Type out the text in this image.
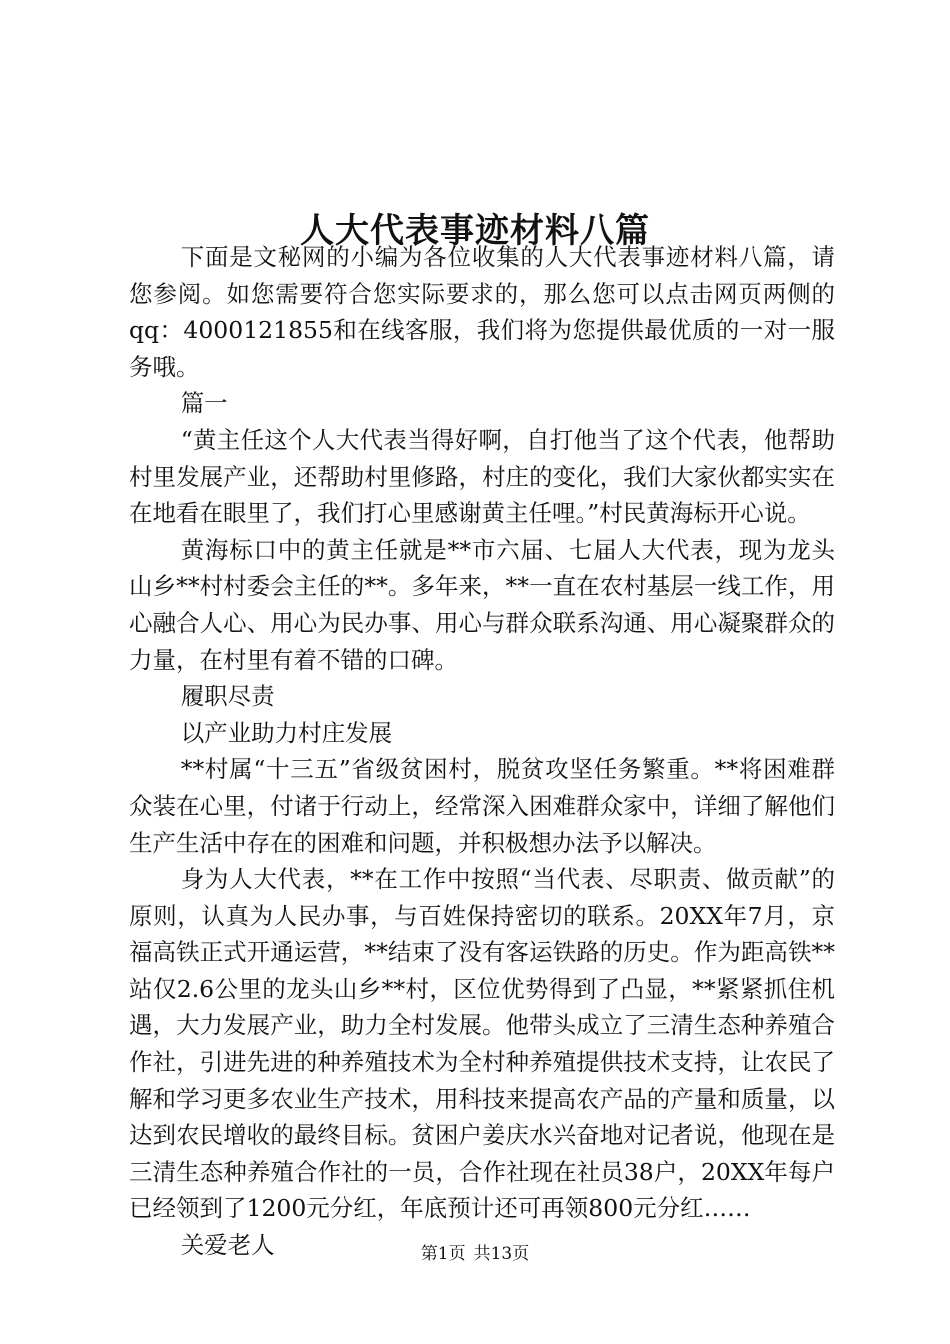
人大代表事迹材料八篇

下面是文秘网的小编为各位收集的人大代表事迹材料八篇，请您参阅。如您需要符合您实际要求的，那么您可以点击网页两侧的qq：4000121855和在线客服，我们将为您提供最优质的一对一服务哦。

篇一

“黄主任这个人大代表当得好啊，自打他当了这个代表，他帮助村里发展产业，还帮助村里修路，村庄的变化，我们大家伙都实实在在地看在眼里了，我们打心里感谢黄主任哩。”村民黄海标开心说。

黄海标口中的黄主任就是**市六届、七届人大代表，现为龙头山乡**村村委会主任的**。多年来，**一直在农村基层一线工作，用心融合人心、用心为民办事、用心与群众联系沟通、用心凝聚群众的力量，在村里有着不错的口碑。

履职尽责

以产业助力村庄发展

**村属“十三五”省级贫困村，脱贫攻坚任务繁重。**将困难群众装在心里，付诸于行动上，经常深入困难群众家中，详细了解他们生产生活中存在的困难和问题，并积极想办法予以解决。

身为人大代表，**在工作中按照“当代表、尽职责、做贡献”的原则，认真为人民办事，与百姓保持密切的联系。20XX年7月，京福高铁正式开通运营，**结束了没有客运铁路的历史。作为距高铁**站仅2.6公里的龙头山乡**村，区位优势得到了凸显，**紧紧抓住机遇，大力发展产业，助力全村发展。他带头成立了三清生态种养殖合作社，引进先进的种养殖技术为全村种养殖提供技术支持，让农民了解和学习更多农业生产技术，用科技来提高农产品的产量和质量，以达到农民增收的最终目标。贫困户姜庆水兴奋地对记者说，他现在是三清生态种养殖合作社的一员，合作社现在社员38户，20XX年每户已经领到了1200元分红，年底预计还可再领800元分红……

关爱老人	第1页 共13页
